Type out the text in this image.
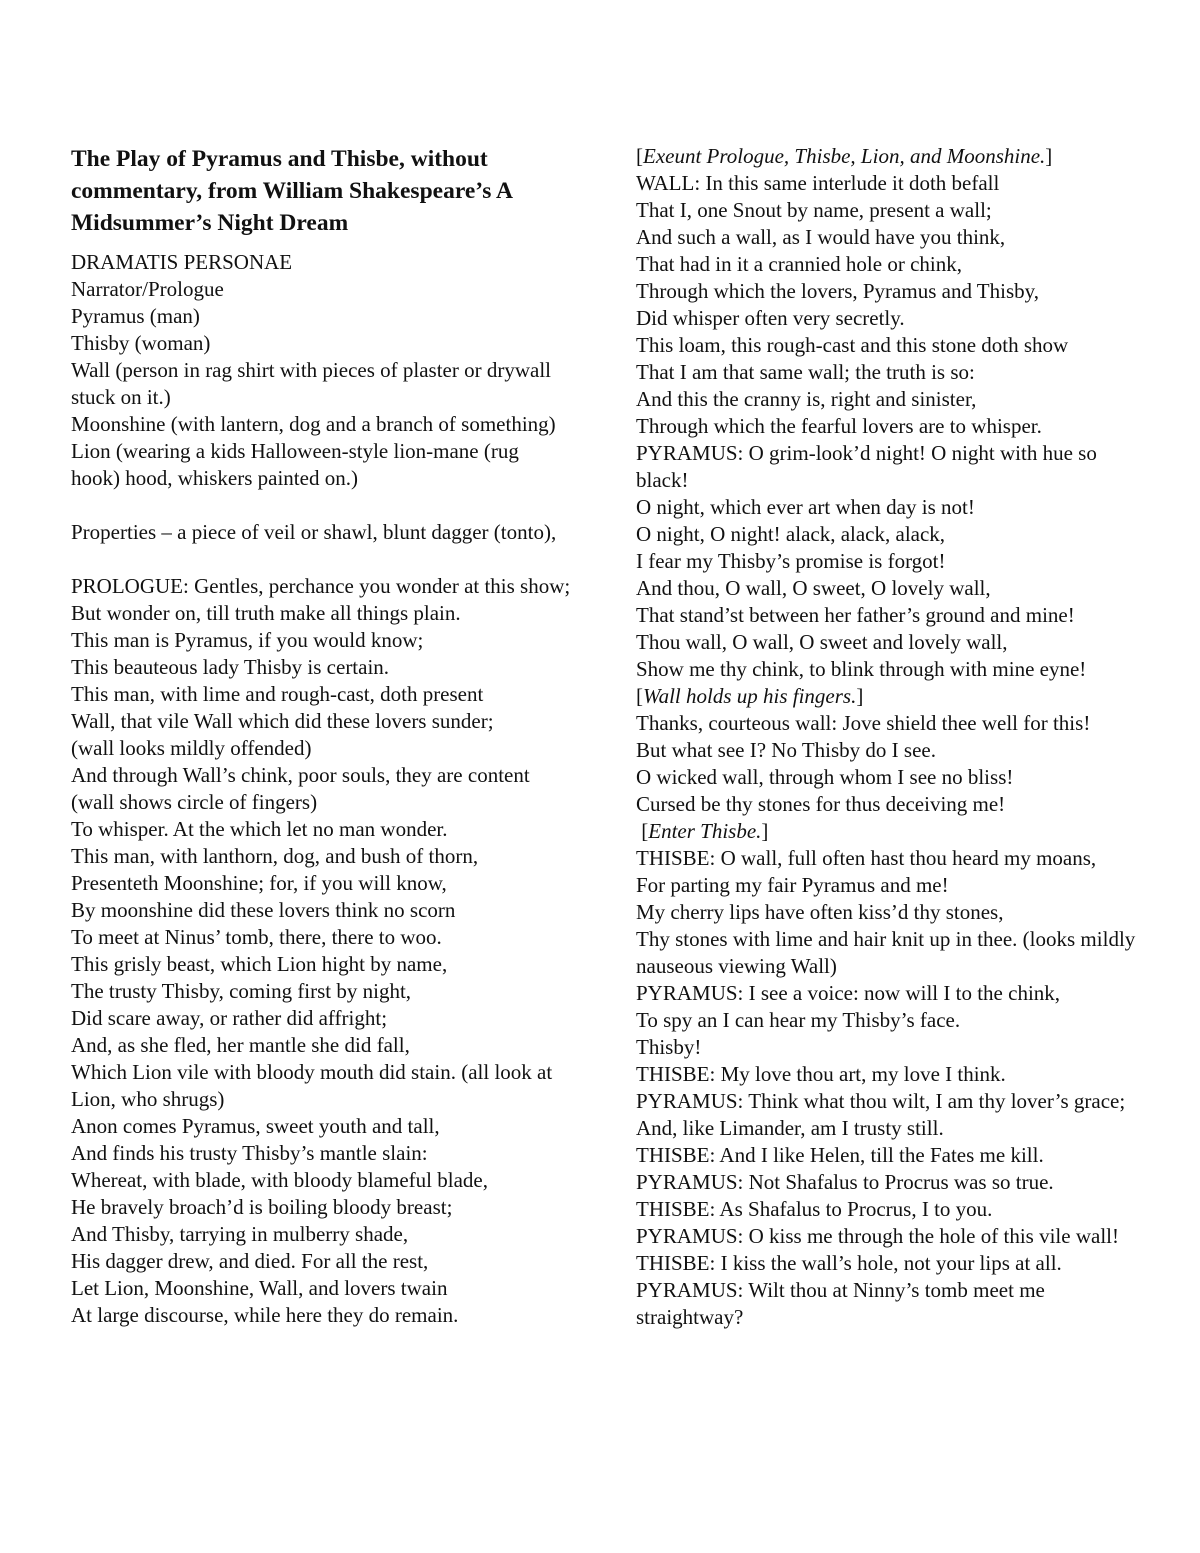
The Play of Pyramus and Thisbe, without commentary, from William Shakespeare’s A Midsummer’s Night Dream
DRAMATIS PERSONAE
Narrator/Prologue
Pyramus (man)
Thisby (woman)
Wall (person in rag shirt with pieces of plaster or drywall stuck on it.)
Moonshine (with lantern, dog and a branch of something)
Lion (wearing a kids Halloween-style lion-mane (rug hook) hood, whiskers painted on.)
Properties – a piece of veil or shawl, blunt dagger (tonto),
PROLOGUE: Gentles, perchance you wonder at this show;
But wonder on, till truth make all things plain.
This man is Pyramus, if you would know;
This beauteous lady Thisby is certain.
This man, with lime and rough-cast, doth present
Wall, that vile Wall which did these lovers sunder;
(wall looks mildly offended)
And through Wall’s chink, poor souls, they are content (wall shows circle of fingers)
To whisper. At the which let no man wonder.
This man, with lanthorn, dog, and bush of thorn,
Presenteth Moonshine; for, if you will know,
By moonshine did these lovers think no scorn
To meet at Ninus’ tomb, there, there to woo.
This grisly beast, which Lion hight by name,
The trusty Thisby, coming first by night,
Did scare away, or rather did affright;
And, as she fled, her mantle she did fall,
Which Lion vile with bloody mouth did stain. (all look at Lion, who shrugs)
Anon comes Pyramus, sweet youth and tall,
And finds his trusty Thisby’s mantle slain:
Whereat, with blade, with bloody blameful blade,
He bravely broach’d is boiling bloody breast;
And Thisby, tarrying in mulberry shade,
His dagger drew, and died. For all the rest,
Let Lion, Moonshine, Wall, and lovers twain
At large discourse, while here they do remain.
[Exeunt Prologue, Thisbe, Lion, and Moonshine.]
WALL: In this same interlude it doth befall
That I, one Snout by name, present a wall;
And such a wall, as I would have you think,
That had in it a crannied hole or chink,
Through which the lovers, Pyramus and Thisby,
Did whisper often very secretly.
This loam, this rough-cast and this stone doth show
That I am that same wall; the truth is so:
And this the cranny is, right and sinister,
Through which the fearful lovers are to whisper.
PYRAMUS: O grim-look’d night! O night with hue so black!
O night, which ever art when day is not!
O night, O night! alack, alack, alack,
I fear my Thisby’s promise is forgot!
And thou, O wall, O sweet, O lovely wall,
That stand’st between her father’s ground and mine!
Thou wall, O wall, O sweet and lovely wall,
Show me thy chink, to blink through with mine eyne!
[Wall holds up his fingers.]
Thanks, courteous wall: Jove shield thee well for this!
But what see I? No Thisby do I see.
O wicked wall, through whom I see no bliss!
Cursed be thy stones for thus deceiving me!
[Enter Thisbe.]
THISBE: O wall, full often hast thou heard my moans,
For parting my fair Pyramus and me!
My cherry lips have often kiss’d thy stones,
Thy stones with lime and hair knit up in thee. (looks mildly nauseous viewing Wall)
PYRAMUS: I see a voice: now will I to the chink,
To spy an I can hear my Thisby’s face.
Thisby!
THISBE: My love thou art, my love I think.
PYRAMUS: Think what thou wilt, I am thy lover’s grace;
And, like Limander, am I trusty still.
THISBE: And I like Helen, till the Fates me kill.
PYRAMUS: Not Shafalus to Procrus was so true.
THISBE: As Shafalus to Procrus, I to you.
PYRAMUS: O kiss me through the hole of this vile wall!
THISBE: I kiss the wall’s hole, not your lips at all.
PYRAMUS: Wilt thou at Ninny’s tomb meet me straightway?
